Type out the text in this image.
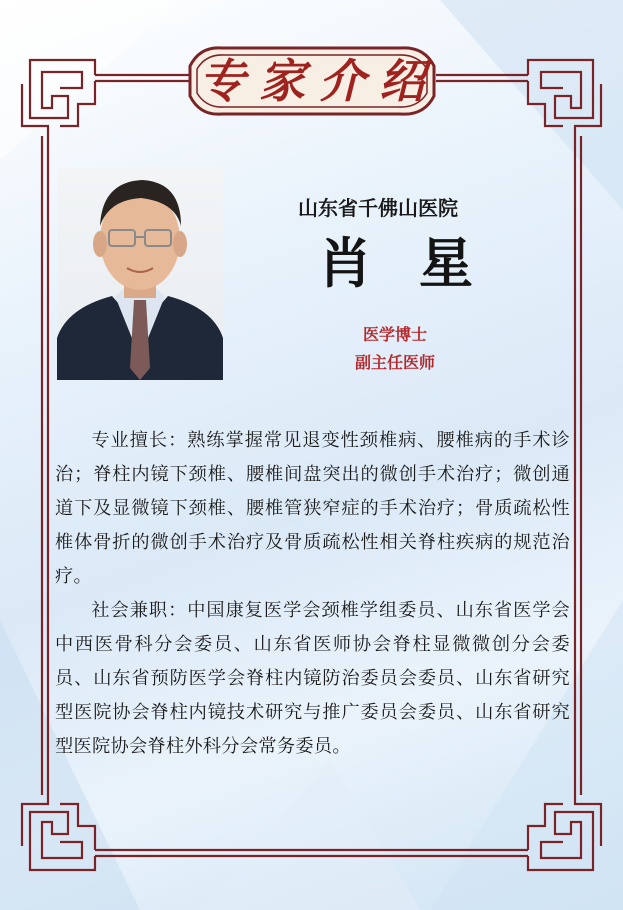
专家介绍
山东省千佛山医院
肖 星
医学博士
副主任医师

专业擅长：熟练掌握常见退变性颈椎病、腰椎病的手术诊治；脊柱内镜下颈椎、腰椎间盘突出的微创手术治疗；微创通道下及显微镜下颈椎、腰椎管狭窄症的手术治疗；骨质疏松性椎体骨折的微创手术治疗及骨质疏松性相关脊柱疾病的规范治疗。

社会兼职：中国康复医学会颈椎学组委员、山东省医学会中西医骨科分会委员、山东省医师协会脊柱显微微创分会委员、山东省预防医学会脊柱内镜防治委员会委员、山东省研究型医院协会脊柱内镜技术研究与推广委员会委员、山东省研究型医院协会脊柱外科分会常务委员。
